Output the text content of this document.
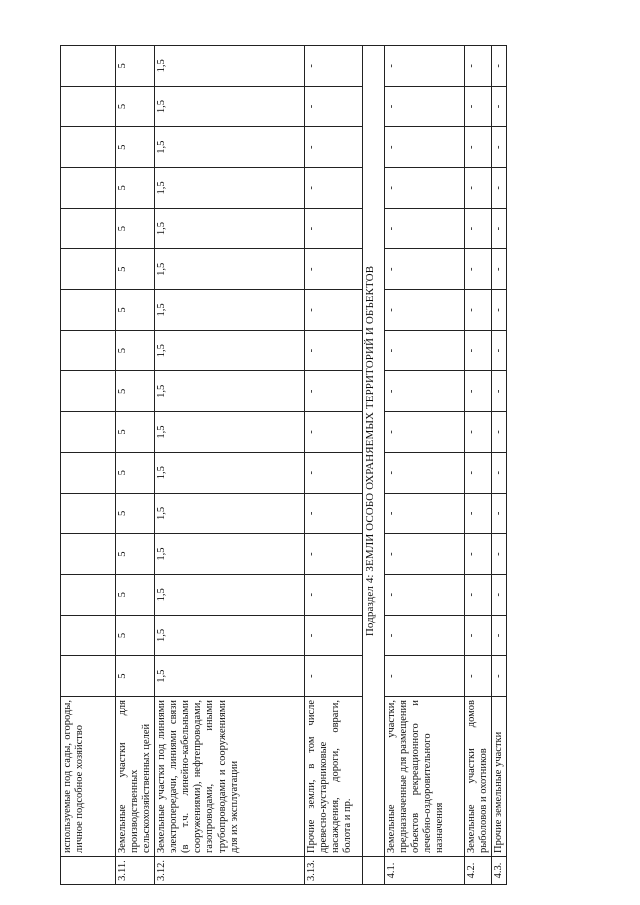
	используемые под сады, огороды, личное подсобное хозяйство																
3.11.	Земельные участки для производственных сельскохозяйственных целей	5	5	5	5	5	5	5	5	5	5	5	5	5	5	5	5
3.12.	Земельные участки под линиями электропередачи, линиями связи (в т.ч. линейно-кабельными сооружениями), нефтепроводами, газопроводами, иными трубопроводами и сооружениями для их эксплуатации	1,5	1,5	1,5	1,5	1,5	1,5	1,5	1,5	1,5	1,5	1,5	1,5	1,5	1,5	1,5	1,5
3.13.	Прочие земли, в том числе древесно-кустарниковые насаждения, дороги, овраги, болота и пр.	-	-	-	-	-	-	-	-	-	-	-	-	-	-	-	-
	Подраздел 4: ЗЕМЛИ ОСОБО ОХРАНЯЕМЫХ ТЕРРИТОРИЙ И ОБЪЕКТОВ																
4.1.	Земельные участки, предназначенные для размещения объектов рекреационного и лечебно-оздоровительного назначения	-	-	-	-	-	-	-	-	-	-	-	-	-	-	-	-
4.2.	Земельные участки домов рыболовов и охотников	-	-	-	-	-	-	-	-	-	-	-	-	-	-	-	-
4.3.	Прочие земельные участки	-	-	-	-	-	-	-	-	-	-	-	-	-	-	-	-
